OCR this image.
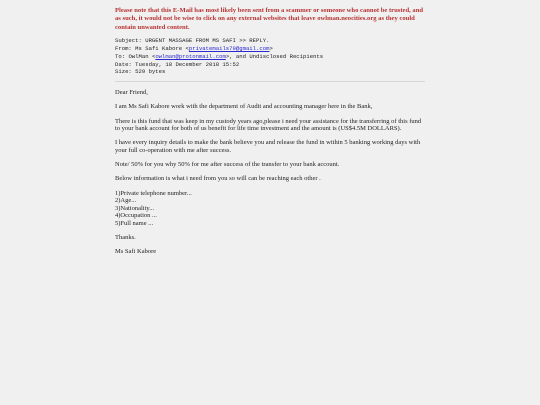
Please note that this E-Mail has most likely been sent from a scammer or someone who cannot be trusted, and as such, it would not be wise to click on any external websites that leave owlman.neocities.org as they could contain unwanted content.

Subject: URGENT MASSAGE FROM MS SAFI >> REPLY.
From: Ms Safi Kabore <privatemails79@gmail.com>
To: OwlMan <owlman@protonmail.com>, and Undisclosed Recipients
Date: Tuesday, 18 December 2018 15:52
Size: 529 bytes

Dear Friend,

I am Ms Safi Kabore work with the department of Audit and accounting manager here in the Bank,

There is this fund that was keep in my custody years ago,please i need your assistance for the transferring of this fund to your bank account for both of us benefit for life time investment and the amount is (US$4.5M DOLLARS).

I have every inquiry details to make the bank believe you and release the fund in within 5 banking working days with your full co-operation with me after success.

Note/ 50% for you why 50% for me after success of the transfer to your bank account.

Below information is what i need from you so will can be reaching each other .

1)Private telephone number...
2)Age...
3)Nationality...
4)Occupation ...
5)Full name ...

Thanks.

Ms Safi Kabore
